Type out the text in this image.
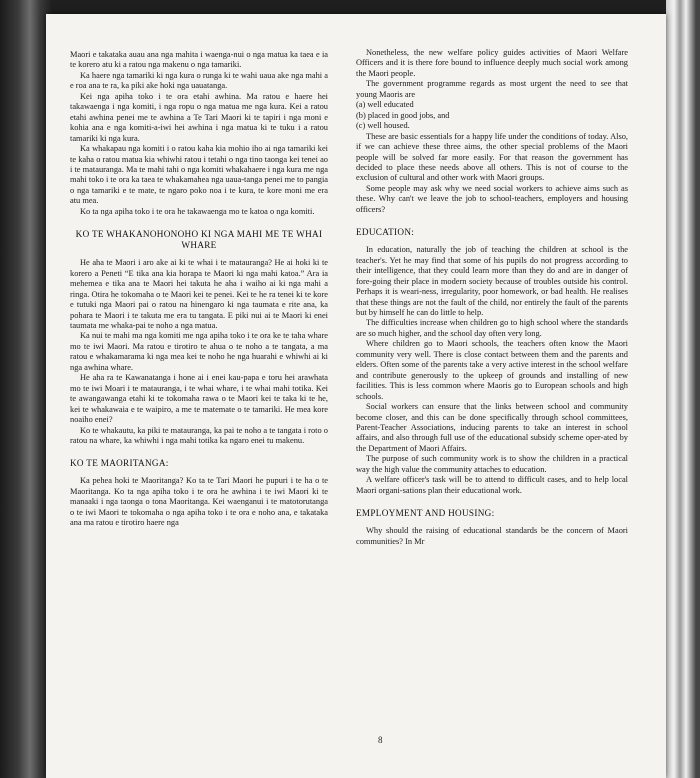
Maori e takataka auau ana nga mahita i waenga-nui o nga matua ka taea e ia te korero atu ki a ratou nga makenu o nga tamariki.

Ka haere nga tamariki ki nga kura o runga ki te wahi uaua ake nga mahi a e roa ana te ra, ka piki ake hoki nga uauatanga.

Kei nga apiha toko i te ora etahi awhina. Ma ratou e haere hei takawaenga i nga komiti, i nga ropu o nga matua me nga kura. Kei a ratou etahi awhina penei me te awhina a Te Tari Maori ki te tapiri i nga moni e kohia ana e nga komiti-a-iwi hei awhina i nga matua ki te tuku i a ratou tamariki ki nga kura.

Ka whakapau nga komiti i o ratou kaha kia mohio iho ai nga tamariki kei te kaha o ratou matua kia whiwhi ratou i tetahi o nga tino taonga kei tenei ao i te matauranga. Ma te mahi tahi o nga komiti whakahaere i nga kura me nga mahi toko i te ora ka taea te whakamahea nga uaua-tanga penei me to pangia o nga tamariki e te mate, te ngaro poko noa i te kura, te kore moni me era atu mea.

Ko ta nga apiha toko i te ora he takawaenga mo te katoa o nga komiti.

KO TE WHAKANOHONOHO KI NGA MAHI ME TE WHAI WHARE

He aha te Maori i aro ake ai ki te whai i te matauranga? He ai hoki ki te korero a Peneti “E tika ana kia horapa te Maori ki nga mahi katoa.” Ara ia mehemea e tika ana te Maori hei takuta he aha i waiho ai ki nga mahi a ringa. Otira he tokomaha o te Maori kei te penei. Kei te he ra tenei ki te kore e tutuki nga Maori pai o ratou na hinengaro ki nga taumata e rite ana, ka pohara te Maori i te takuta me era tu tangata. E piki nui ai te Maori ki enei taumata me whaka-pai te noho a nga matua.

Ka nui te mahi ma nga komiti me nga apiha toko i te ora ke te taha whare mo te iwi Maori. Ma ratou e tirotiro te ahua o te noho a te tangata, a ma ratou e whakamarama ki nga mea kei te noho he nga huarahi e whiwhi ai ki nga awhina whare.

He aha ra te Kawanatanga i hone ai i enei kau-papa e toru hei arawhata mo te iwi Moari i te matauranga, i te whai whare, i te whai mahi totika. Kei te awangawanga etahi ki te tokomaha rawa o te Maori kei te taka ki te he, kei te whakawaia e te waipiro, a me te matemate o te tamariki. He mea kore noaiho enei?

Ko te whakautu, ka piki te matauranga, ka pai te noho a te tangata i roto o ratou na whare, ka whiwhi i nga mahi totika ka ngaro enei tu makenu.

KO TE MAORITANGA:

Ka pehea hoki te Maoritanga? Ko ta te Tari Maori he pupuri i te ha o te Maoritanga. Ko ta nga apiha toko i te ora he awhina i te iwi Maori ki te manaaki i nga taonga o tona Maoritanga. Kei waenganui i te matotorutanga o te iwi Maori te tokomaha o nga apiha toko i te ora e noho ana, e takataka ana ma ratou e tirotiro haere nga

Nonetheless, the new welfare policy guides activities of Maori Welfare Officers and it is there fore bound to influence deeply much social work among the Maori people.

The government programme regards as most urgent the need to see that young Maoris are

(a) well educated

(b) placed in good jobs, and

(c) well housed.

These are basic essentials for a happy life under the conditions of today. Also, if we can achieve these three aims, the other special problems of the Maori people will be solved far more easily. For that reason the government has decided to place these needs above all others. This is not of course to the exclusion of cultural and other work with Maori groups.

Some people may ask why we need social workers to achieve aims such as these. Why can't we leave the job to school-teachers, employers and housing officers?

EDUCATION:

In education, naturally the job of teaching the children at school is the teacher's. Yet he may find that some of his pupils do not progress according to their intelligence, that they could learn more than they do and are in danger of fore-going their place in modern society because of troubles outside his control. Perhaps it is weari-ness, irregularity, poor homework, or bad health. He realises that these things are not the fault of the child, nor entirely the fault of the parents but by himself he can do little to help.

The difficulties increase when children go to high school where the standards are so much higher, and the school day often very long.

Where children go to Maori schools, the teachers often know the Maori community very well. There is close contact between them and the parents and elders. Often some of the parents take a very active interest in the school welfare and contribute generously to the upkeep of grounds and installing of new facilities. This is less common where Maoris go to European schools and high schools.

Social workers can ensure that the links between school and community become closer, and this can be done specifically through school committees, Parent-Teacher Associations, inducing parents to take an interest in school affairs, and also through full use of the educational subsidy scheme oper-ated by the Department of Maori Affairs.

The purpose of such community work is to show the children in a practical way the high value the community attaches to education.

A welfare officer's task will be to attend to difficult cases, and to help local Maori organi-sations plan their educational work.

EMPLOYMENT AND HOUSING:

Why should the raising of educational standards be the concern of Maori communities? In Mr

8
